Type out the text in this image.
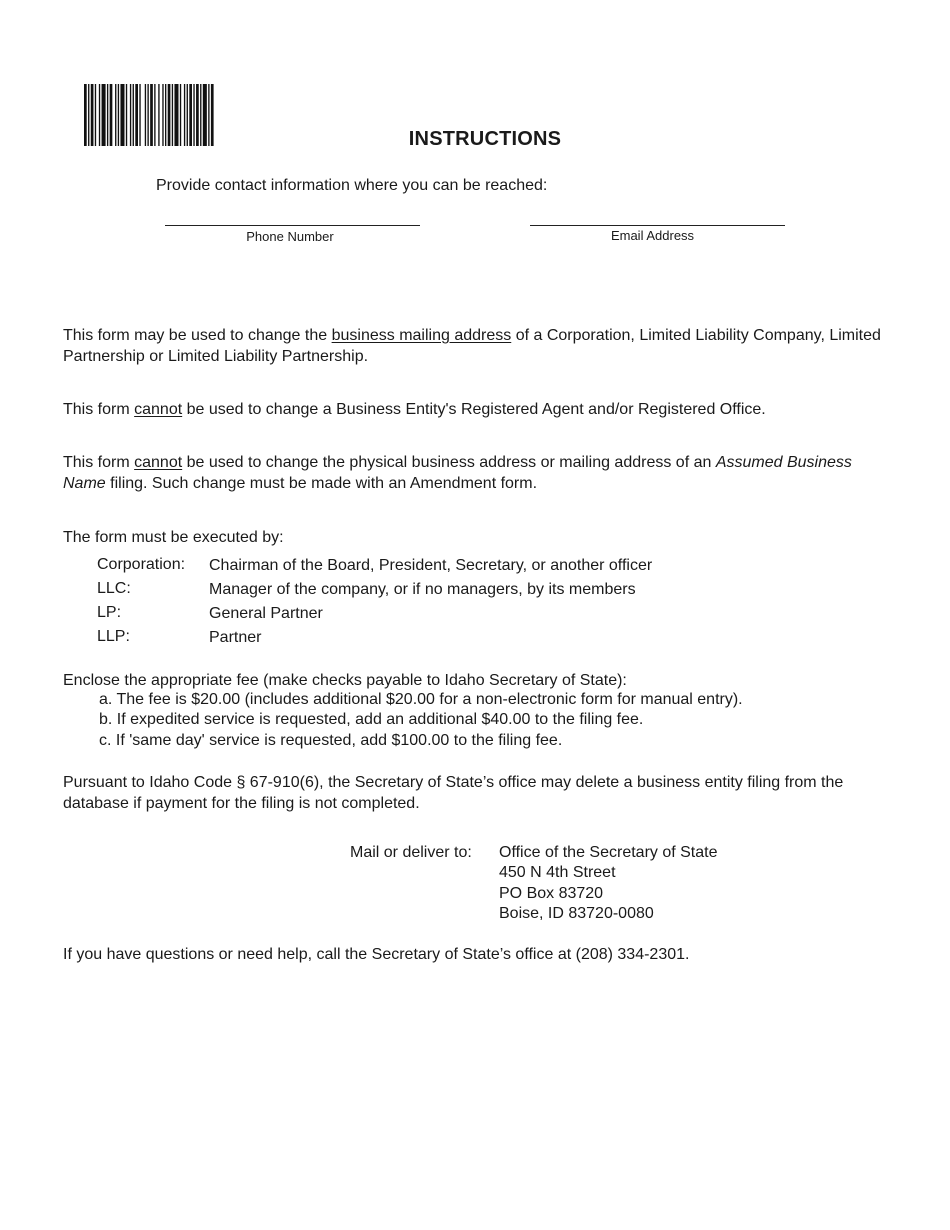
INSTRUCTIONS
Provide contact information where you can be reached:
Phone Number	Email Address
This form may be used to change the business mailing address of a Corporation, Limited Liability Company, Limited Partnership or Limited Liability Partnership.
This form cannot be used to change a Business Entity's Registered Agent and/or Registered Office.
This form cannot be used to change the physical business address or mailing address of an Assumed Business Name filing. Such change must be made with an Amendment form.
The form must be executed by:
Corporation: Chairman of the Board, President, Secretary, or another officer
LLC:	Manager of the company, or if no managers, by its members
LP:	General Partner
LLP:	Partner
Enclose the appropriate fee (make checks payable to Idaho Secretary of State):
a. The fee is $20.00 (includes additional $20.00 for a non-electronic form for manual entry).
b. If expedited service is requested, add an additional $40.00 to the filing fee.
c. If 'same day' service is requested, add $100.00 to the filing fee.
Pursuant to Idaho Code § 67-910(6), the Secretary of State’s office may delete a business entity filing from the database if payment for the filing is not completed.
Mail or deliver to: Office of the Secretary of State
450 N 4th Street
PO Box 83720
Boise, ID 83720-0080
If you have questions or need help, call the Secretary of State’s office at (208) 334-2301.
